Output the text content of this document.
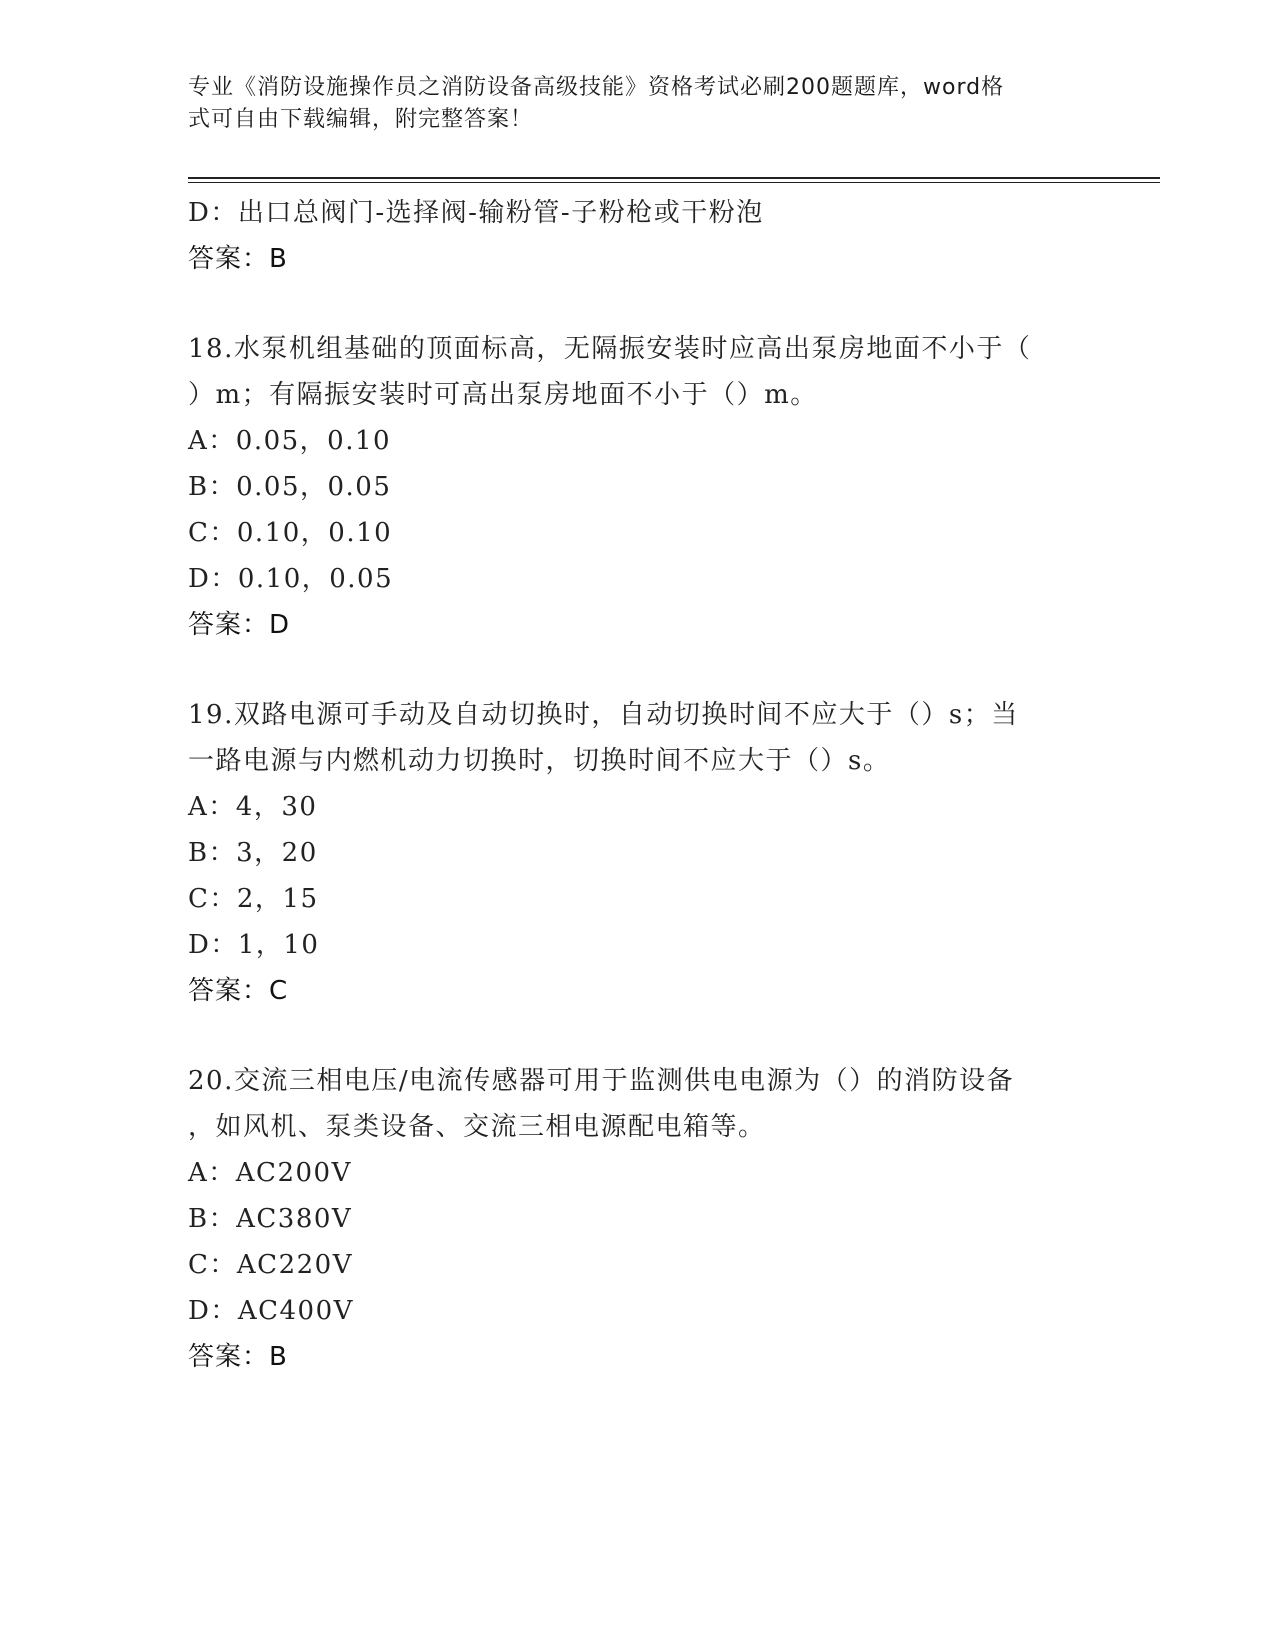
专业《消防设施操作员之消防设备高级技能》资格考试必刷200题题库，word格
式可自由下载编辑，附完整答案！
D：出口总阀门-选择阀-输粉管-子粉枪或干粉泡
答案：B
18.水泵机组基础的顶面标高，无隔振安装时应高出泵房地面不小于（
）m；有隔振安装时可高出泵房地面不小于（）m。
A：0.05，0.10
B：0.05，0.05
C：0.10，0.10
D：0.10，0.05
答案：D
19.双路电源可手动及自动切换时，自动切换时间不应大于（）s；当
一路电源与内燃机动力切换时，切换时间不应大于（）s。
A：4，30
B：3，20
C：2，15
D：1，10
答案：C
20.交流三相电压/电流传感器可用于监测供电电源为（）的消防设备
，如风机、泵类设备、交流三相电源配电箱等。
A：AC200V
B：AC380V
C：AC220V
D：AC400V
答案：B
